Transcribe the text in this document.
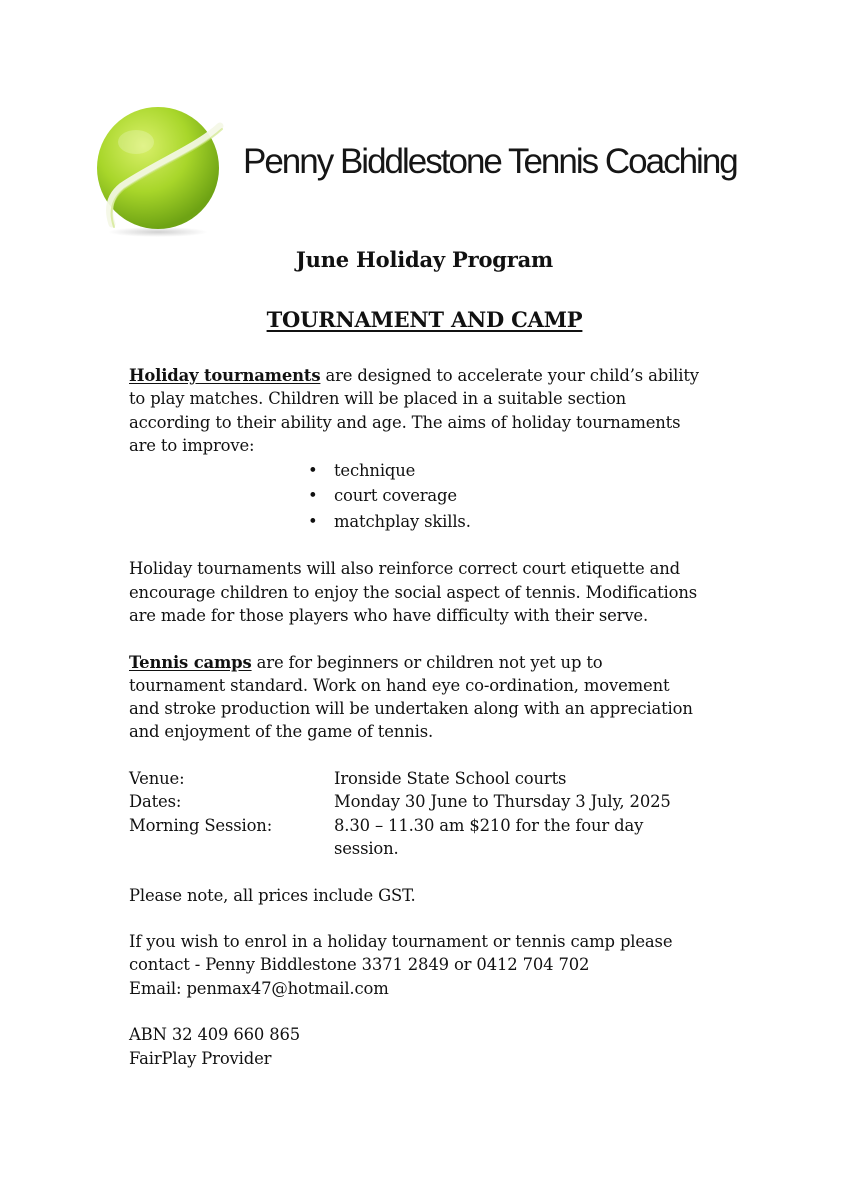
Penny Biddlestone Tennis Coaching
June Holiday Program
TOURNAMENT AND CAMP

Holiday tournaments are designed to accelerate your child’s ability

to play matches. Children will be placed in a suitable section

according to their ability and age. The aims of holiday tournaments

are to improve:

• technique
• court coverage
• matchplay skills.

Holiday tournaments will also reinforce correct court etiquette and

encourage children to enjoy the social aspect of tennis. Modifications

are made for those players who have difficulty with their serve.

Tennis camps are for beginners or children not yet up to

tournament standard. Work on hand eye co-ordination, movement

and stroke production will be undertaken along with an appreciation

and enjoyment of the game of tennis.

Venue:	Ironside State School courts
Dates:	Monday 30 June to Thursday 3 July, 2025
Morning Session:	8.30 – 11.30 am $210 for the four day
session.

Please note, all prices include GST.

If you wish to enrol in a holiday tournament or tennis camp please

contact - Penny Biddlestone 3371 2849 or 0412 704 702

Email: penmax47@hotmail.com

ABN 32 409 660 865

FairPlay Provider
